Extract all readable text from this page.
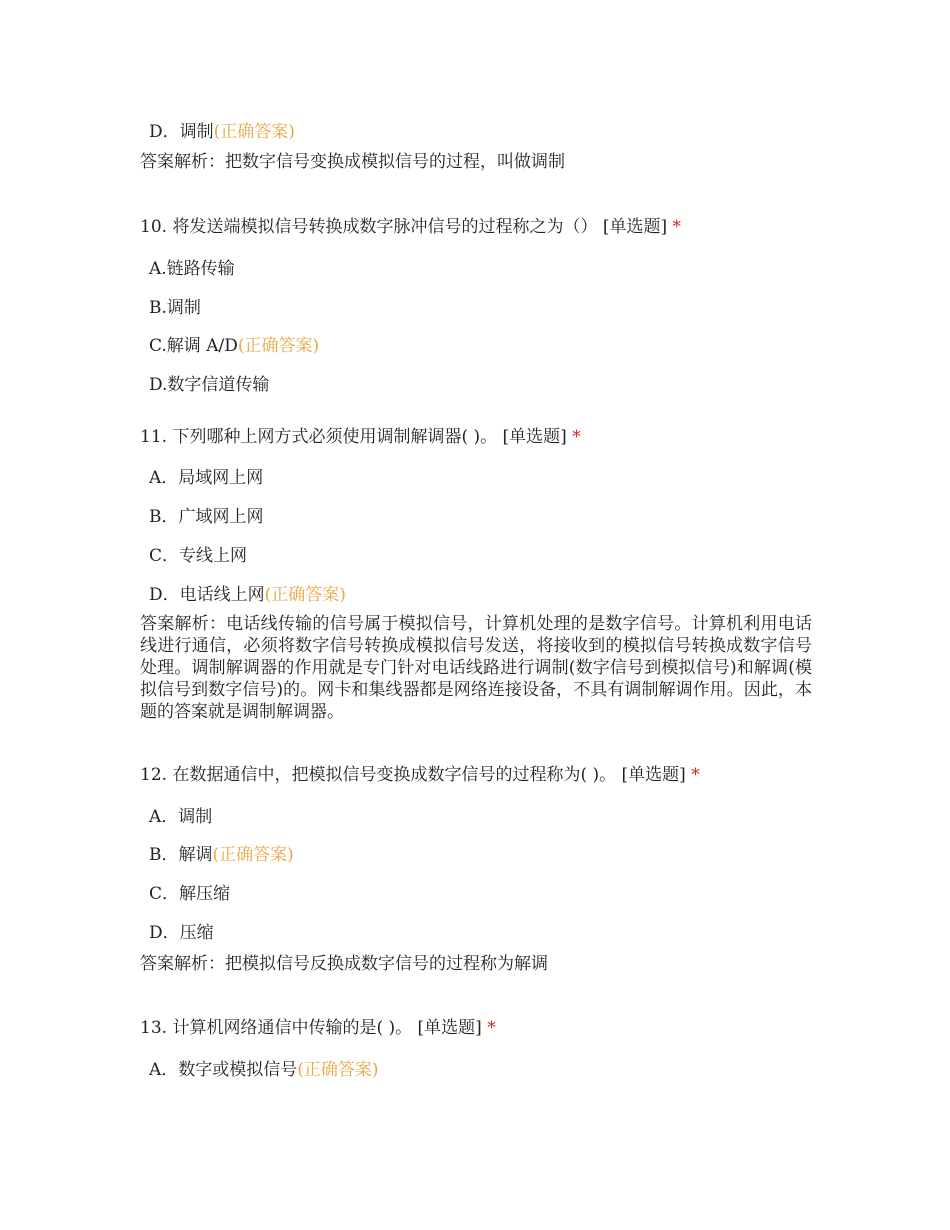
D．调制(正确答案)
答案解析：把数字信号变换成模拟信号的过程，叫做调制
10. 将发送端模拟信号转换成数字脉冲信号的过程称之为（） [单选题] *
A.链路传输
B.调制
C.解调 A/D(正确答案)
D.数字信道传输
11. 下列哪种上网方式必须使用调制解调器( )。 [单选题] *
A．局域网上网
B．广域网上网
C．专线上网
D．电话线上网(正确答案)
答案解析：电话线传输的信号属于模拟信号，计算机处理的是数字信号。计算机利用电话线进行通信，必须将数字信号转换成模拟信号发送，将接收到的模拟信号转换成数字信号处理。调制解调器的作用就是专门针对电话线路进行调制(数字信号到模拟信号)和解调(模拟信号到数字信号)的。网卡和集线器都是网络连接设备，不具有调制解调作用。因此，本题的答案就是调制解调器。
12. 在数据通信中，把模拟信号变换成数字信号的过程称为( )。 [单选题] *
A．调制
B．解调(正确答案)
C．解压缩
D．压缩
答案解析：把模拟信号反换成数字信号的过程称为解调
13. 计算机网络通信中传输的是( )。 [单选题] *
A．数字或模拟信号(正确答案)
